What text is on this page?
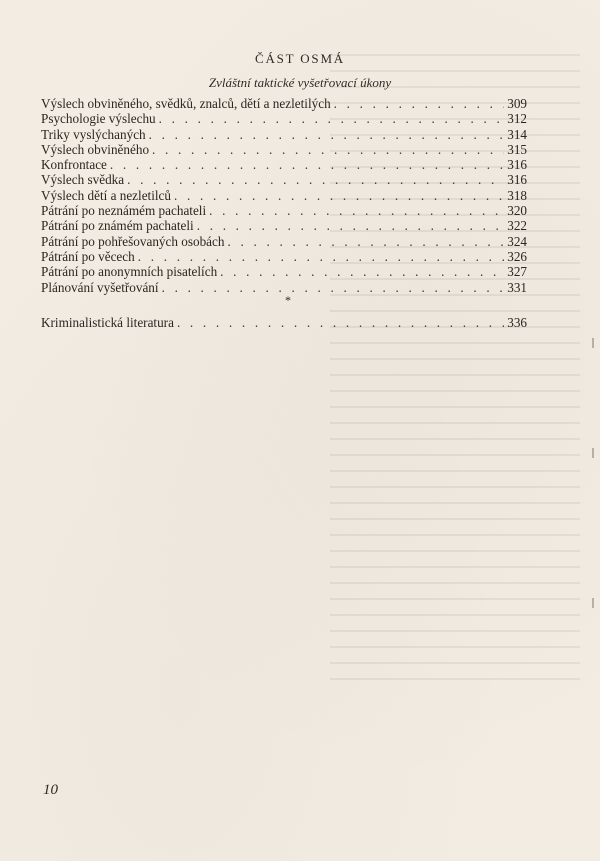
ČÁST OSMÁ
Zvláštní taktické vyšetřovací úkony
Výslech obviněného, svědků, znalců, dětí a nezletilých . . .	309
Psychologie výslechu . . .	312
Triky vyslýchaných . . .	314
Výslech obviněného . . .	315
Konfrontace . . .	316
Výslech svědka . . .	316
Výslech dětí a nezletilců . . .	318
Pátrání po neznámém pachateli . . .	320
Pátrání po známém pachateli . . .	322
Pátrání po pohřešovaných osobách . . .	324
Pátrání po věcech . . .	326
Pátrání po anonymních pisatelích . . .	327
Plánování vyšetřování . . .	331
*
Kriminalistická literatura . . .	336
10
